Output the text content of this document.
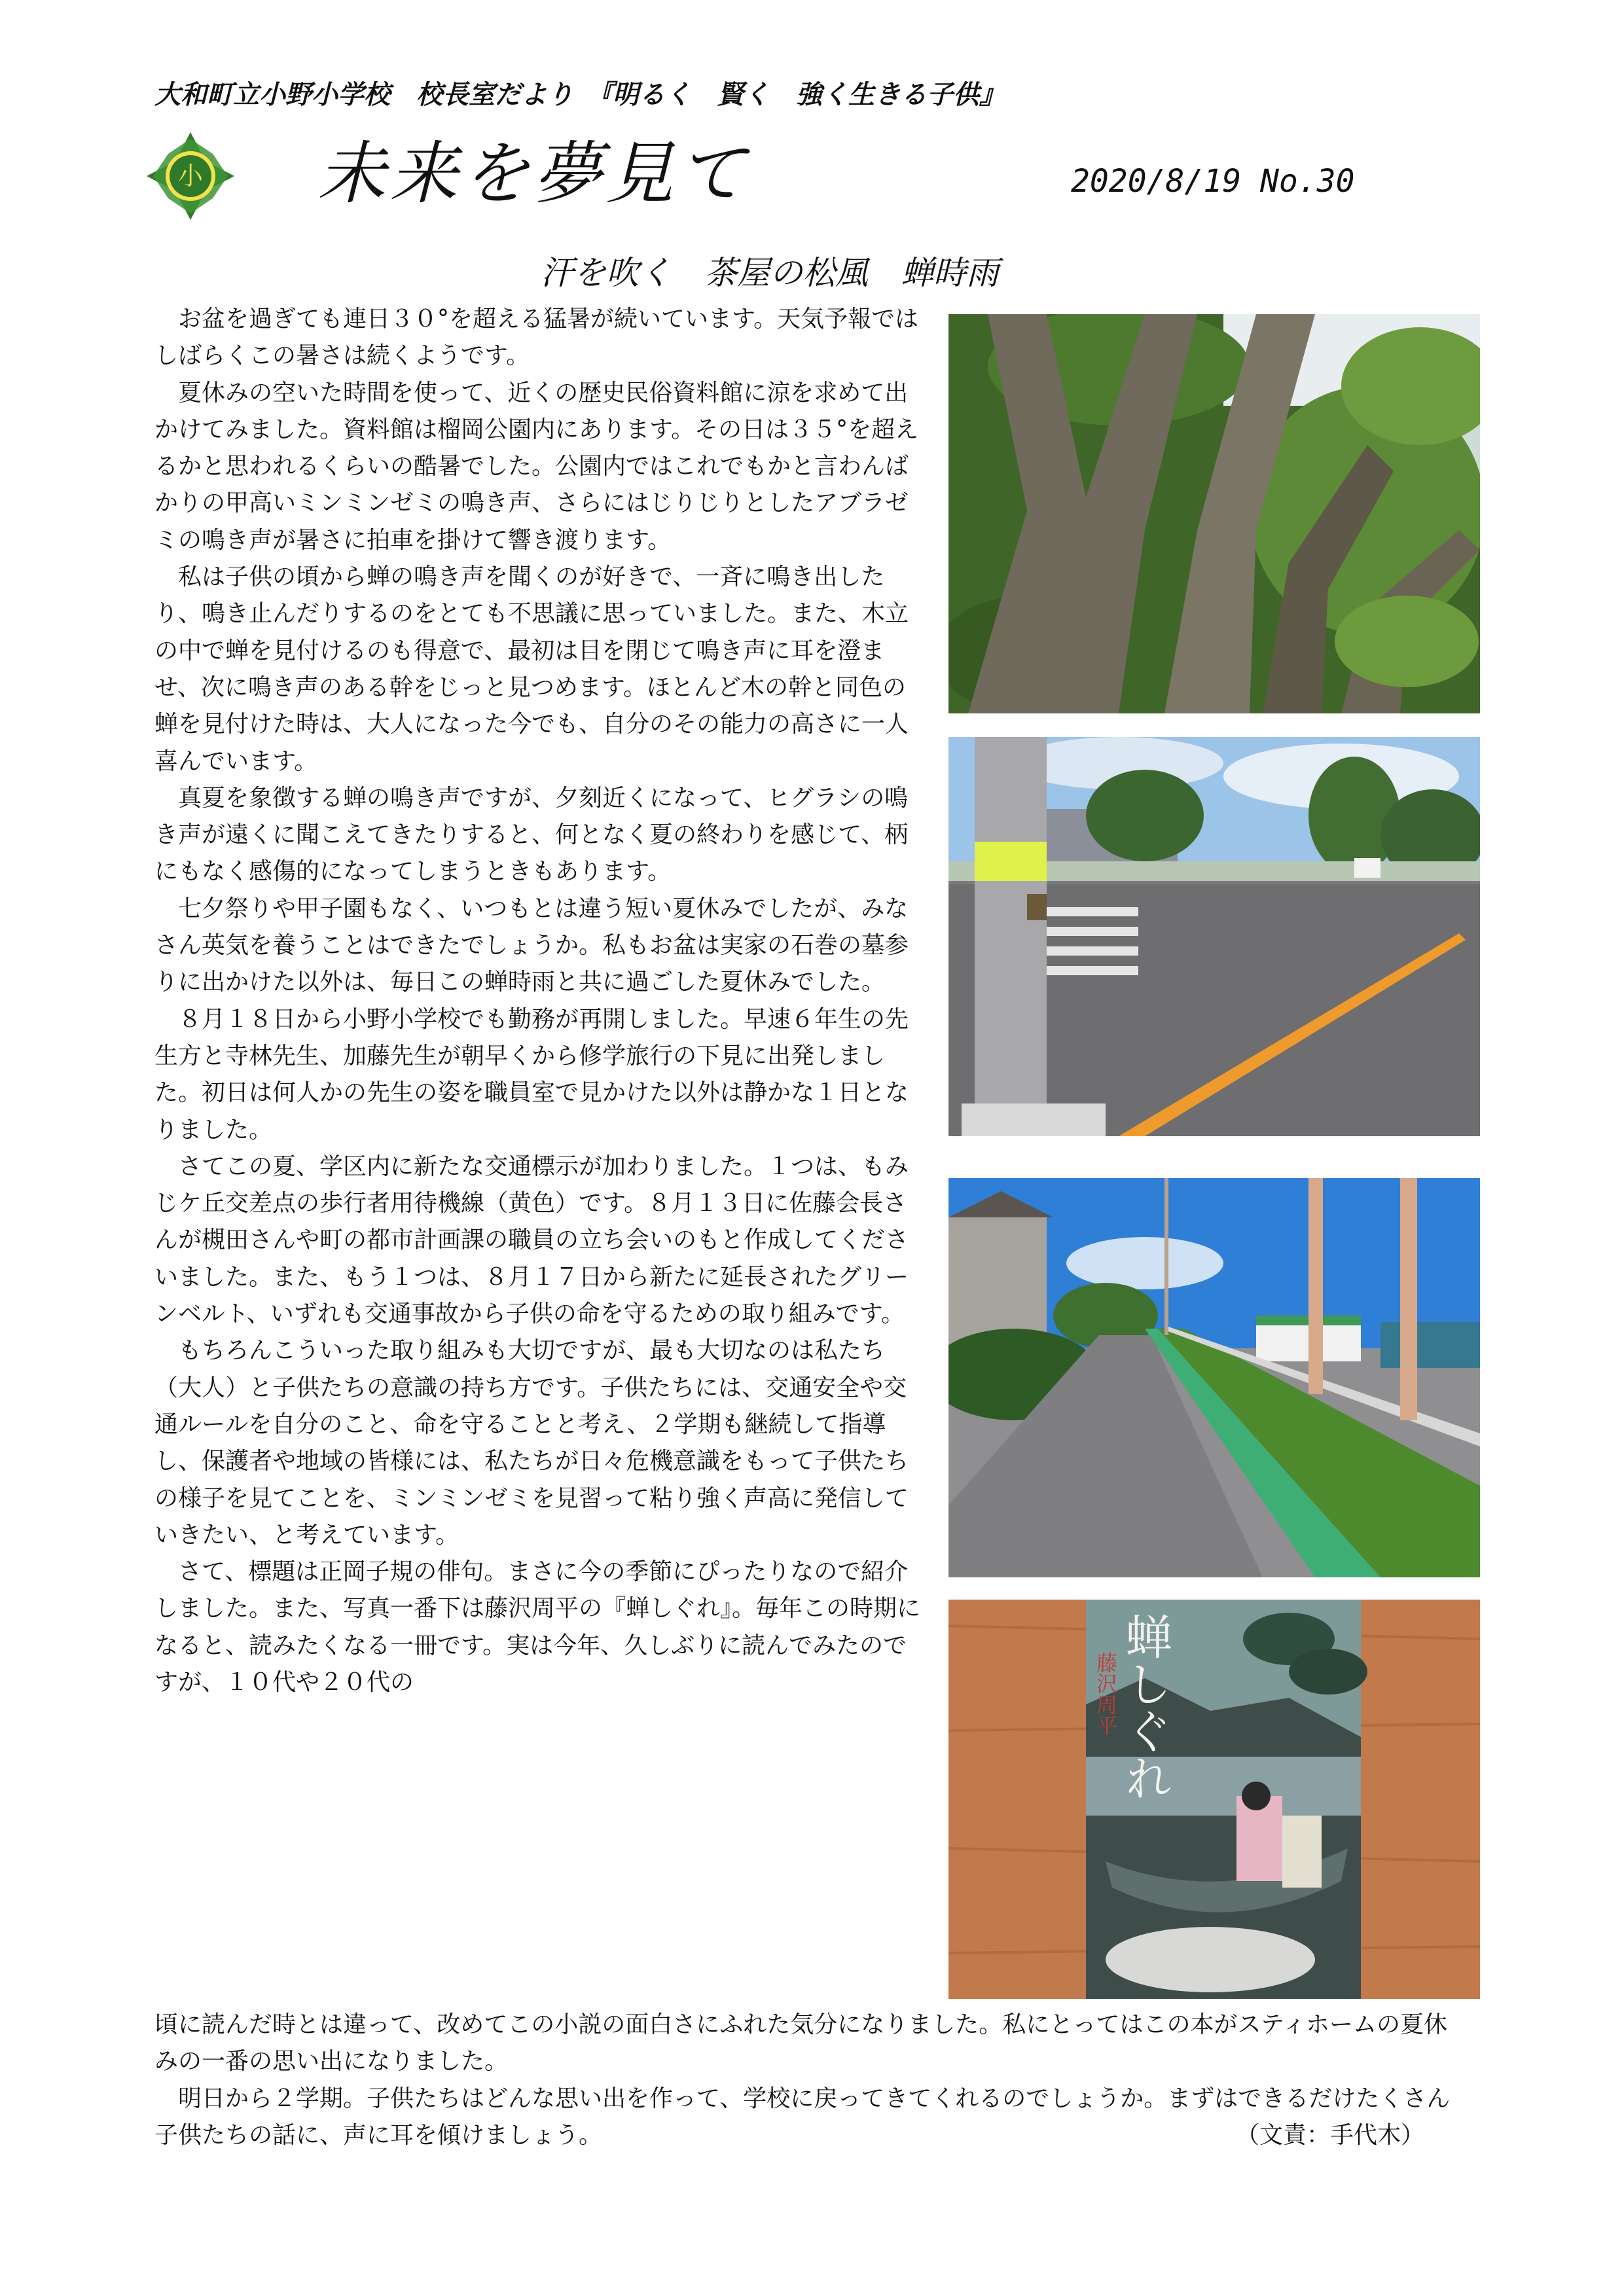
大和町立小野小学校　校長室だより　『明るく　賢く　強く生きる子供』
小 未来を夢見て	2020/8/19 No.30
汗を吹く　茶屋の松風　蝉時雨

お盆を過ぎても連日３０°を超える猛暑が続いています。天気予報ではしばらくこの暑さは続くようです。

夏休みの空いた時間を使って、近くの歴史民俗資料館に涼を求めて出かけてみました。資料館は榴岡公園内にあります。その日は３５°を超えるかと思われるくらいの酷暑でした。公園内ではこれでもかと言わんばかりの甲高いミンミンゼミの鳴き声、さらにはじりじりとしたアブラゼミの鳴き声が暑さに拍車を掛けて響き渡ります。

私は子供の頃から蝉の鳴き声を聞くのが好きで、一斉に鳴き出したり、鳴き止んだりするのをとても不思議に思っていました。また、木立の中で蝉を見付けるのも得意で、最初は目を閉じて鳴き声に耳を澄ませ、次に鳴き声のある幹をじっと見つめます。ほとんど木の幹と同色の蝉を見付けた時は、大人になった今でも、自分のその能力の高さに一人喜んでいます。

真夏を象徴する蝉の鳴き声ですが、夕刻近くになって、ヒグラシの鳴き声が遠くに聞こえてきたりすると、何となく夏の終わりを感じて、柄にもなく感傷的になってしまうときもあります。

七夕祭りや甲子園もなく、いつもとは違う短い夏休みでしたが、みなさん英気を養うことはできたでしょうか。私もお盆は実家の石巻の墓参りに出かけた以外は、毎日この蝉時雨と共に過ごした夏休みでした。

８月１８日から小野小学校でも勤務が再開しました。早速６年生の先生方と寺林先生、加藤先生が朝早くから修学旅行の下見に出発しました。初日は何人かの先生の姿を職員室で見かけた以外は静かな１日となりました。

さてこの夏、学区内に新たな交通標示が加わりました。１つは、もみじケ丘交差点の歩行者用待機線（黄色）です。８月１３日に佐藤会長さんが槻田さんや町の都市計画課の職員の立ち会いのもと作成してくださいました。また、もう１つは、８月１７日から新たに延長されたグリーンベルト、いずれも交通事故から子供の命を守るための取り組みです。

もちろんこういった取り組みも大切ですが、最も大切なのは私たち（大人）と子供たちの意識の持ち方です。子供たちには、交通安全や交通ルールを自分のこと、命を守ることと考え、２学期も継続して指導し、保護者や地域の皆様には、私たちが日々危機意識をもって子供たちの様子を見てことを、ミンミンゼミを見習って粘り強く声高に発信していきたい、と考えています。

さて、標題は正岡子規の俳句。まさに今の季節にぴったりなので紹介しました。また、写真一番下は藤沢周平の『蝉しぐれ』。毎年この時期になると、読みたくなる一冊です。実は今年、久しぶりに読んでみたのですが、１０代や２０代の

頃に読んだ時とは違って、改めてこの小説の面白さにふれた気分になりました。私にとってはこの本がスティホームの夏休みの一番の思い出になりました。

明日から２学期。子供たちはどんな思い出を作って、学校に戻ってきてくれるのでしょうか。まずはできるだけたくさん子供たちの話に、声に耳を傾けましょう。	（文責：手代木）

蝉しぐれ
藤沢周平
